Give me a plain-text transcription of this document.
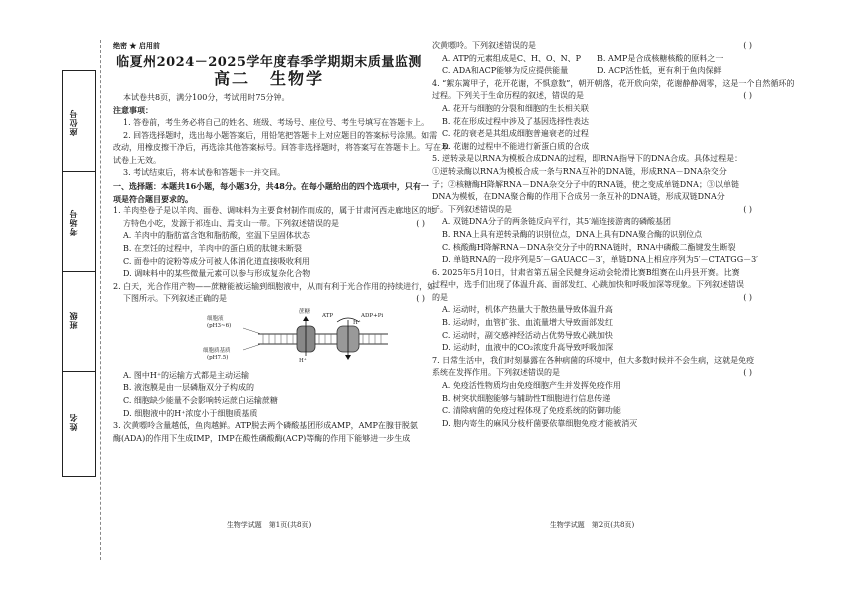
座位号
考场号
班级
姓名
绝密 ★ 启用前
临夏州2024－2025学年度春季学期期末质量监测
高二 生物学
本试卷共8页，满分100分，考试用时75分钟。
注意事项：
1. 答卷前，考生务必将自己的姓名、班级、考场号、座位号、考生号填写在答题卡上。
2. 回答选择题时，选出每小题答案后，用铅笔把答题卡上对应题目的答案标号涂黑。如需
改动，用橡皮擦干净后，再选涂其他答案标号。回答非选择题时，将答案写在答题卡上。写在本
试卷上无效。
3. 考试结束后，将本试卷和答题卡一并交回。
一、选择题：本题共16小题，每小题3分，共48分。在每小题给出的四个选项中，只有一
项是符合题目要求的。
1. 羊肉垫卷子是以羊肉、面卷、调味料为主要食材制作而成的，属于甘肃河西走廊地区的地
方特色小吃，发源于祁连山、焉支山一带。下列叙述错误的是	( )
A. 羊肉中的脂肪富含饱和脂肪酸，室温下呈固体状态
B. 在烹饪的过程中，羊肉中的蛋白质的肽键未断裂
C. 面卷中的淀粉等成分可被人体消化道直接吸收利用
D. 调味料中的某些微量元素可以参与形成复杂化合物
2. 白天，光合作用产物——蔗糖能被运输到细胞液中，从而有利于光合作用的持续进行，如
下图所示。下列叙述正确的是	( )
细胞液
(pH3~6)
蔗糖
ATP	ADP+Pi
H⁺
H⁺
细胞质基质
(pH7.5)
A. 图中H⁺的运输方式都是主动运输
B. 液泡膜是由一层磷脂双分子构成的
C. 细胞缺少能量不会影响转运蔗白运输蔗糖
D. 细胞液中的H⁺浓度小于细胞质基质
3. 次黄嘌呤含量越低，鱼肉越鲜。ATP脱去两个磷酸基团形成AMP，AMP在腺苷脱氨
酶(ADA)的作用下生成IMP，IMP在酸性磷酸酶(ACP)等酶的作用下能够进一步生成
次黄嘌呤。下列叙述错误的是	( )
A. ATP的元素组成是C、H、O、N、P	B. AMP是合成核糖核酸的原料之一
C. ADA和ACP能够为反应提供能量	D. ACP活性低，更有利于鱼肉保鲜
4. “絮东篱甲子，花开花谢，不惧意数”，朝开朝落，花开欣向荣，花谢静静凋零，这是一个自然循环的
过程。下列关于生命历程的叙述，错误的是	( )
A. 花开与细胞的分裂和细胞的生长相关联
B. 花在形成过程中涉及了基因选择性表达
C. 花的衰老是其组成细胞普遍衰老的过程
D. 花谢的过程中不能进行新蛋白质的合成
5. 逆转录是以RNA为模板合成DNA的过程，即RNA指导下的DNA合成。具体过程是：
①逆转录酶以RNA为模板合成一条与RNA互补的DNA链，形成RNA－DNA杂交分
子；②核糖酶H降解RNA－DNA杂交分子中的RNA链，使之变成单链DNA；③以单链
DNA为模板，在DNA聚合酶的作用下合成另一条互补的DNA链，形成双链DNA分
子。下列叙述错误的是	( )
A. 双链DNA分子的两条链反向平行，其5′端连接游离的磷酸基团
B. RNA上具有逆转录酶的识别位点，DNA上具有DNA聚合酶的识别位点
C. 核酸酶H降解RNA－DNA杂交分子中的RNA链时，RNA中磷酸二酯键发生断裂
D. 单链RNA的一段序列是5′－GAUACC－3′，单链DNA上相应序列为5′－CTATGG－3′
6. 2025年5月10日，甘肃省第五届全民健身运动会轮滑比赛B组赛在山丹县开赛。比赛
过程中，选手们出现了体温升高、面部发红、心跳加快和呼吸加深等现象。下列叙述错误
的是	( )
A. 运动时，机体产热量大于散热量导致体温升高
B. 运动时，血管扩张、血流量增大导致面部发红
C. 运动时，副交感神经活动占优势导致心跳加快
D. 运动时，血液中的CO₂浓度升高导致呼吸加深
7. 日常生活中，我们时刻暴露在各种病菌的环境中，但大多数时候并不会生病，这就是免疫
系统在发挥作用。下列叙述错误的是	( )
A. 免疫活性物质均由免疫细胞产生并发挥免疫作用
B. 树突状细胞能够与辅助性T细胞进行信息传递
C. 清除病菌的免疫过程体现了免疫系统的防御功能
D. 胞内寄生的麻风分枝杆菌要依靠细胞免疫才能被消灭
生物学试题　第1页(共8页)	生物学试题　第2页(共8页)
